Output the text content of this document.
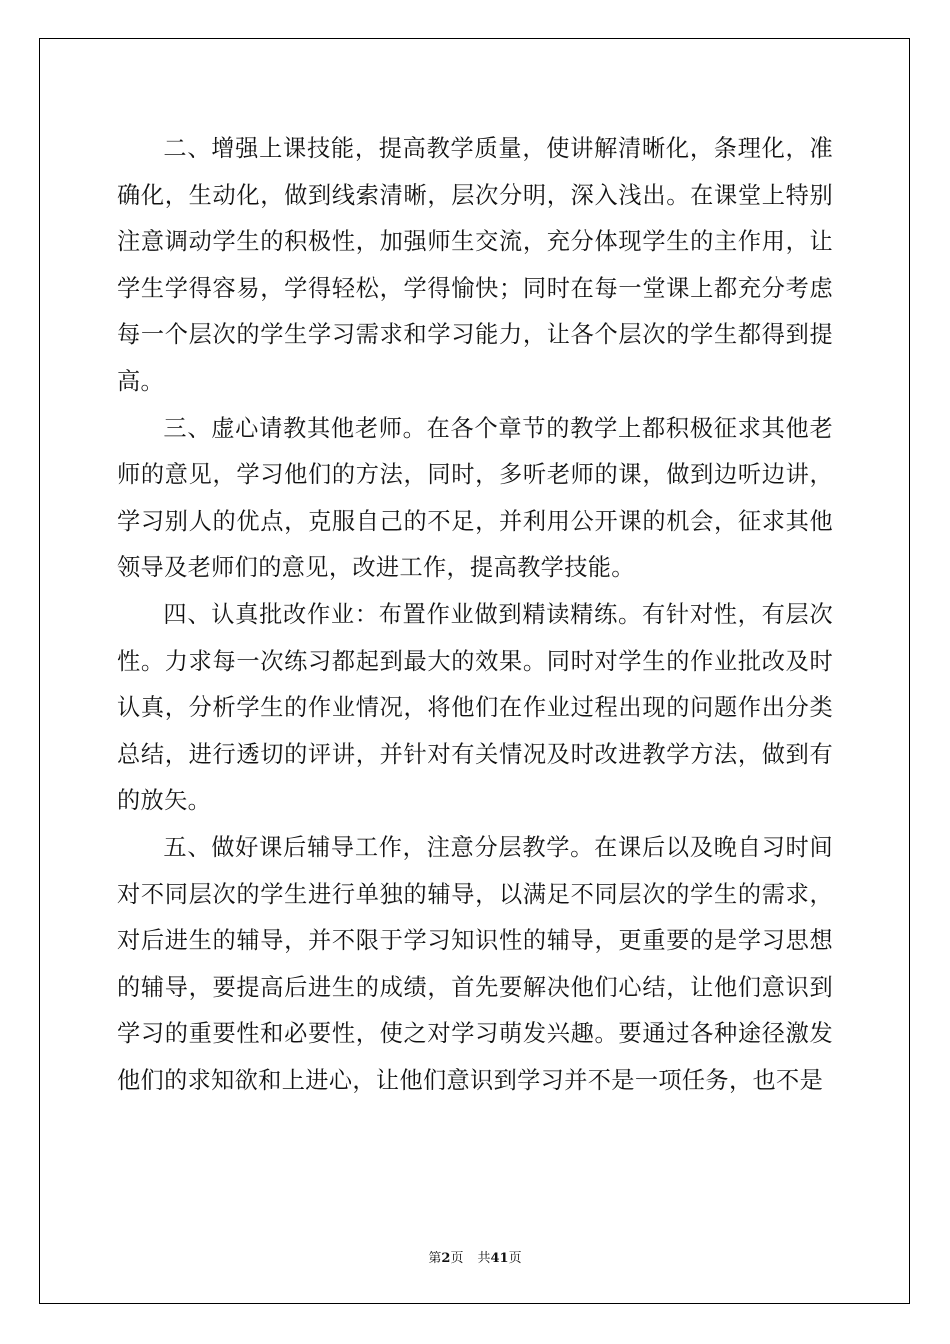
二、增强上课技能，提高教学质量，使讲解清晰化，条理化，准确化，生动化，做到线索清晰，层次分明，深入浅出。在课堂上特别注意调动学生的积极性，加强师生交流，充分体现学生的主作用，让学生学得容易，学得轻松，学得愉快；同时在每一堂课上都充分考虑每一个层次的学生学习需求和学习能力，让各个层次的学生都得到提高。

三、虚心请教其他老师。在各个章节的教学上都积极征求其他老师的意见，学习他们的方法，同时，多听老师的课，做到边听边讲，学习别人的优点，克服自己的不足，并利用公开课的机会，征求其他领导及老师们的意见，改进工作，提高教学技能。

四、认真批改作业：布置作业做到精读精练。有针对性，有层次性。力求每一次练习都起到最大的效果。同时对学生的作业批改及时认真，分析学生的作业情况，将他们在作业过程出现的问题作出分类总结，进行透切的评讲，并针对有关情况及时改进教学方法，做到有的放矢。

五、做好课后辅导工作，注意分层教学。在课后以及晚自习时间对不同层次的学生进行单独的辅导，以满足不同层次的学生的需求，对后进生的辅导，并不限于学习知识性的辅导，更重要的是学习思想的辅导，要提高后进生的成绩，首先要解决他们心结，让他们意识到学习的重要性和必要性，使之对学习萌发兴趣。要通过各种途径激发他们的求知欲和上进心，让他们意识到学习并不是一项任务，也不是

第2页 共41页
